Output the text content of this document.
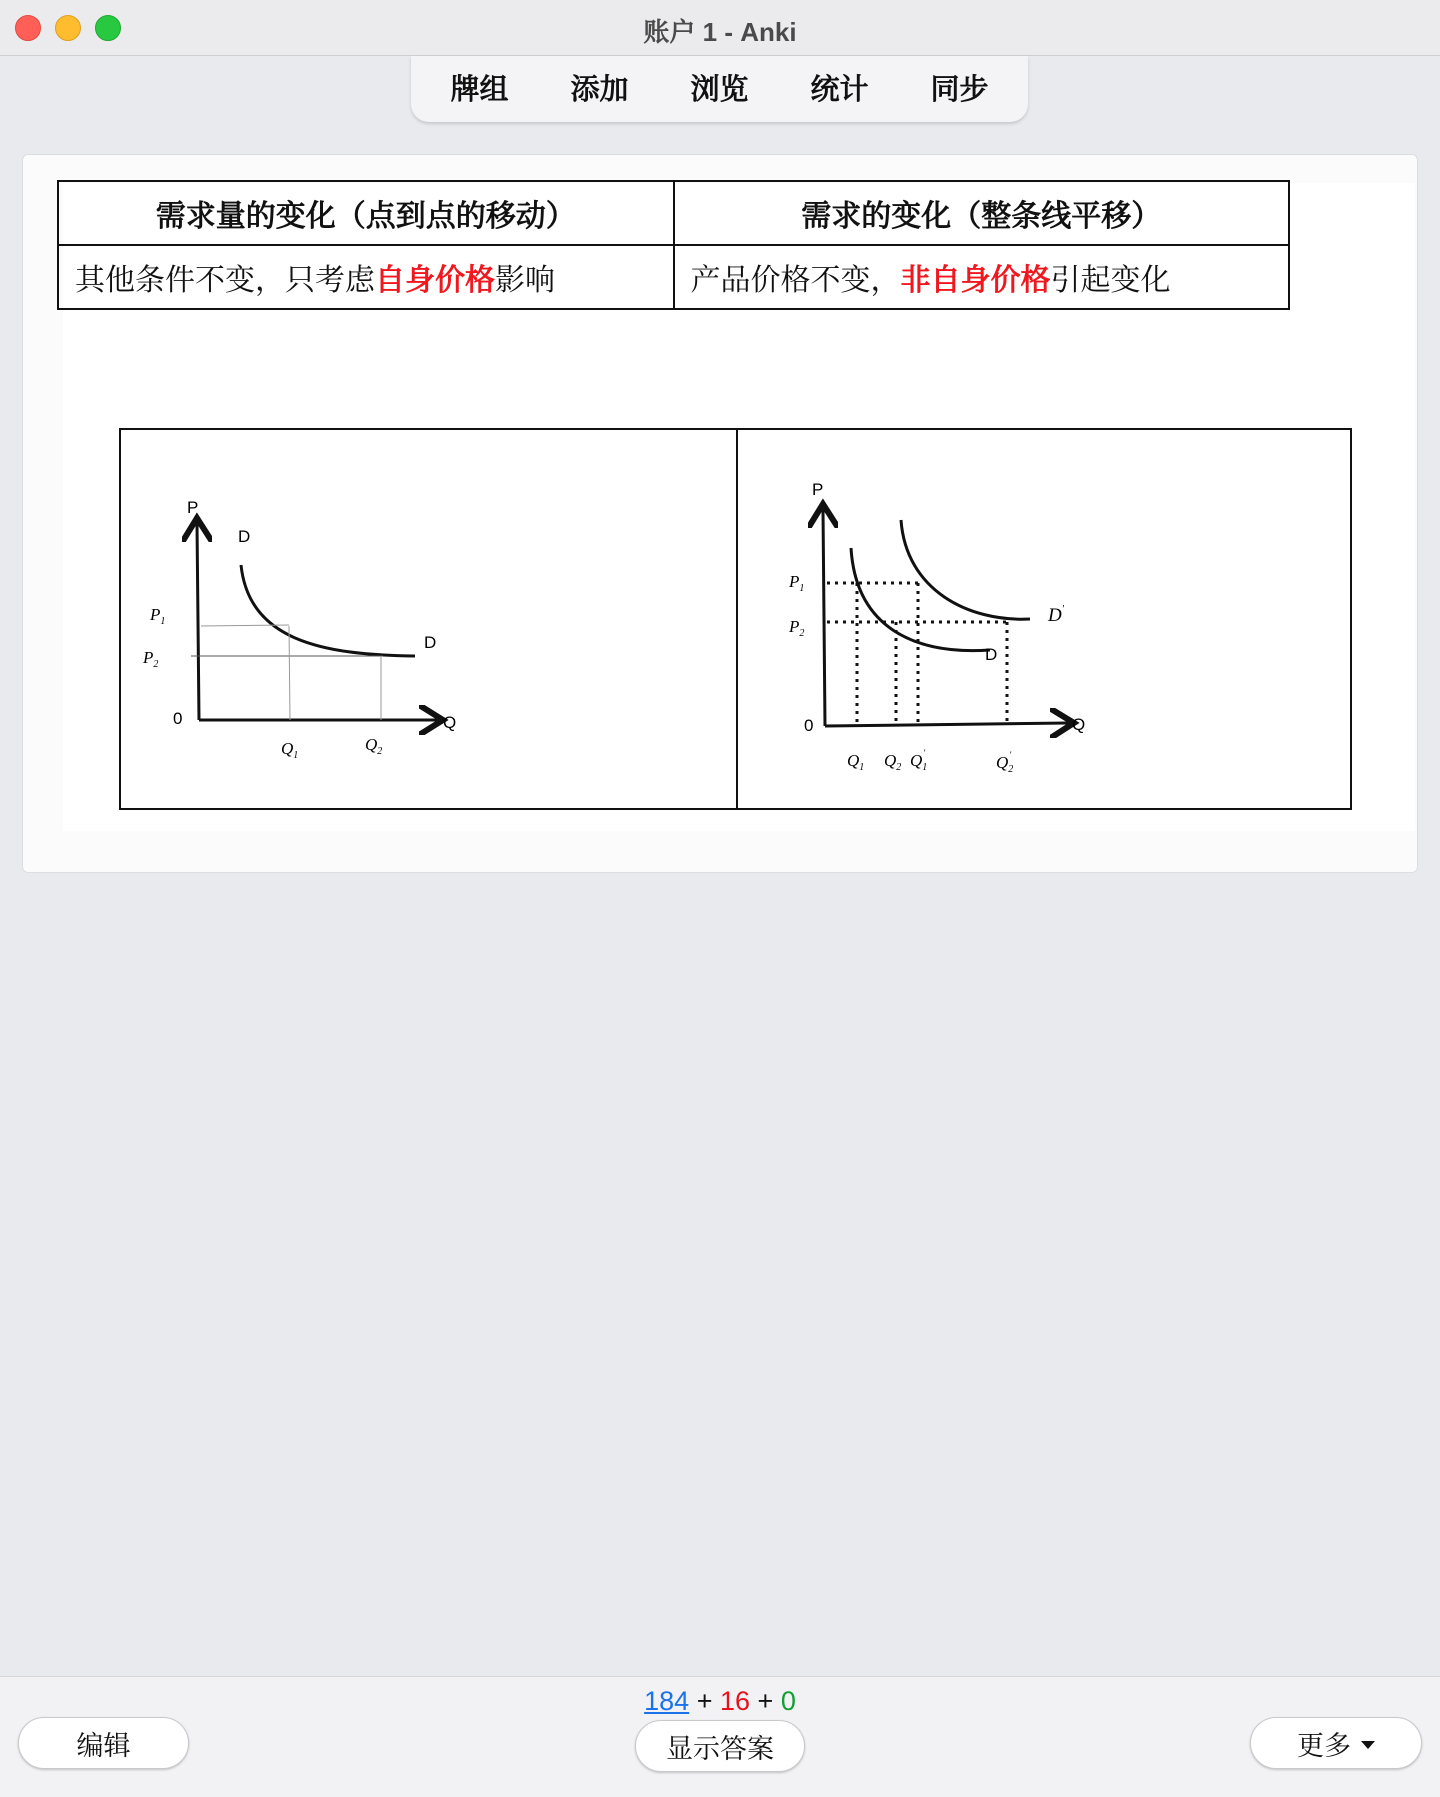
账户 1 - Anki
牌组	添加	浏览	统计	同步
需求量的变化（点到点的移动）	需求的变化（整条线平移）
其他条件不变，只考虑自身价格影响	产品价格不变，非自身价格引起变化
P
Q
0
D
D
$P_1$
$P_2$
$Q_1$
$Q_2$
P
Q
0
D
D'
$P_1$
$P_2$
$Q_1$ $Q_2$ $Q_1'$	$Q_2'$
184 + 16 + 0
编辑	显示答案	更多
